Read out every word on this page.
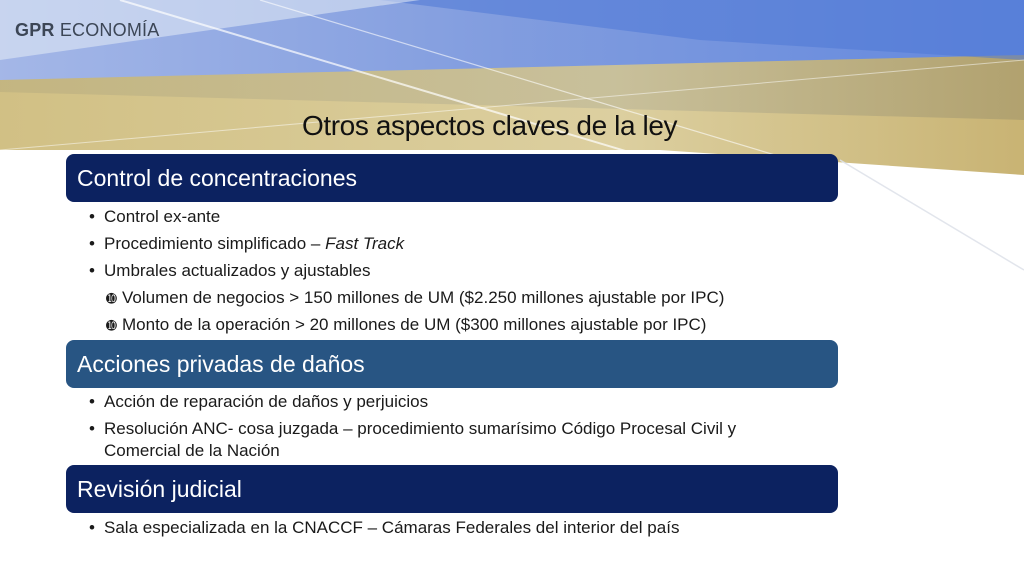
GPR ECONOMÍA
Otros aspectos claves de la ley
Control de concentraciones
• Control ex-ante
• Procedimiento simplificado – Fast Track
• Umbrales actualizados y ajustables
➓ Volumen de negocios > 150 millones de UM ($2.250 millones ajustable por IPC)
➓ Monto de la operación > 20 millones de UM ($300 millones ajustable por IPC)
Acciones privadas de daños
• Acción de reparación de daños y perjuicios
• Resolución ANC- cosa juzgada – procedimiento sumarísimo Código Procesal Civil y Comercial de la Nación
Revisión judicial
• Sala especializada en la CNACCF – Cámaras Federales del interior del país
